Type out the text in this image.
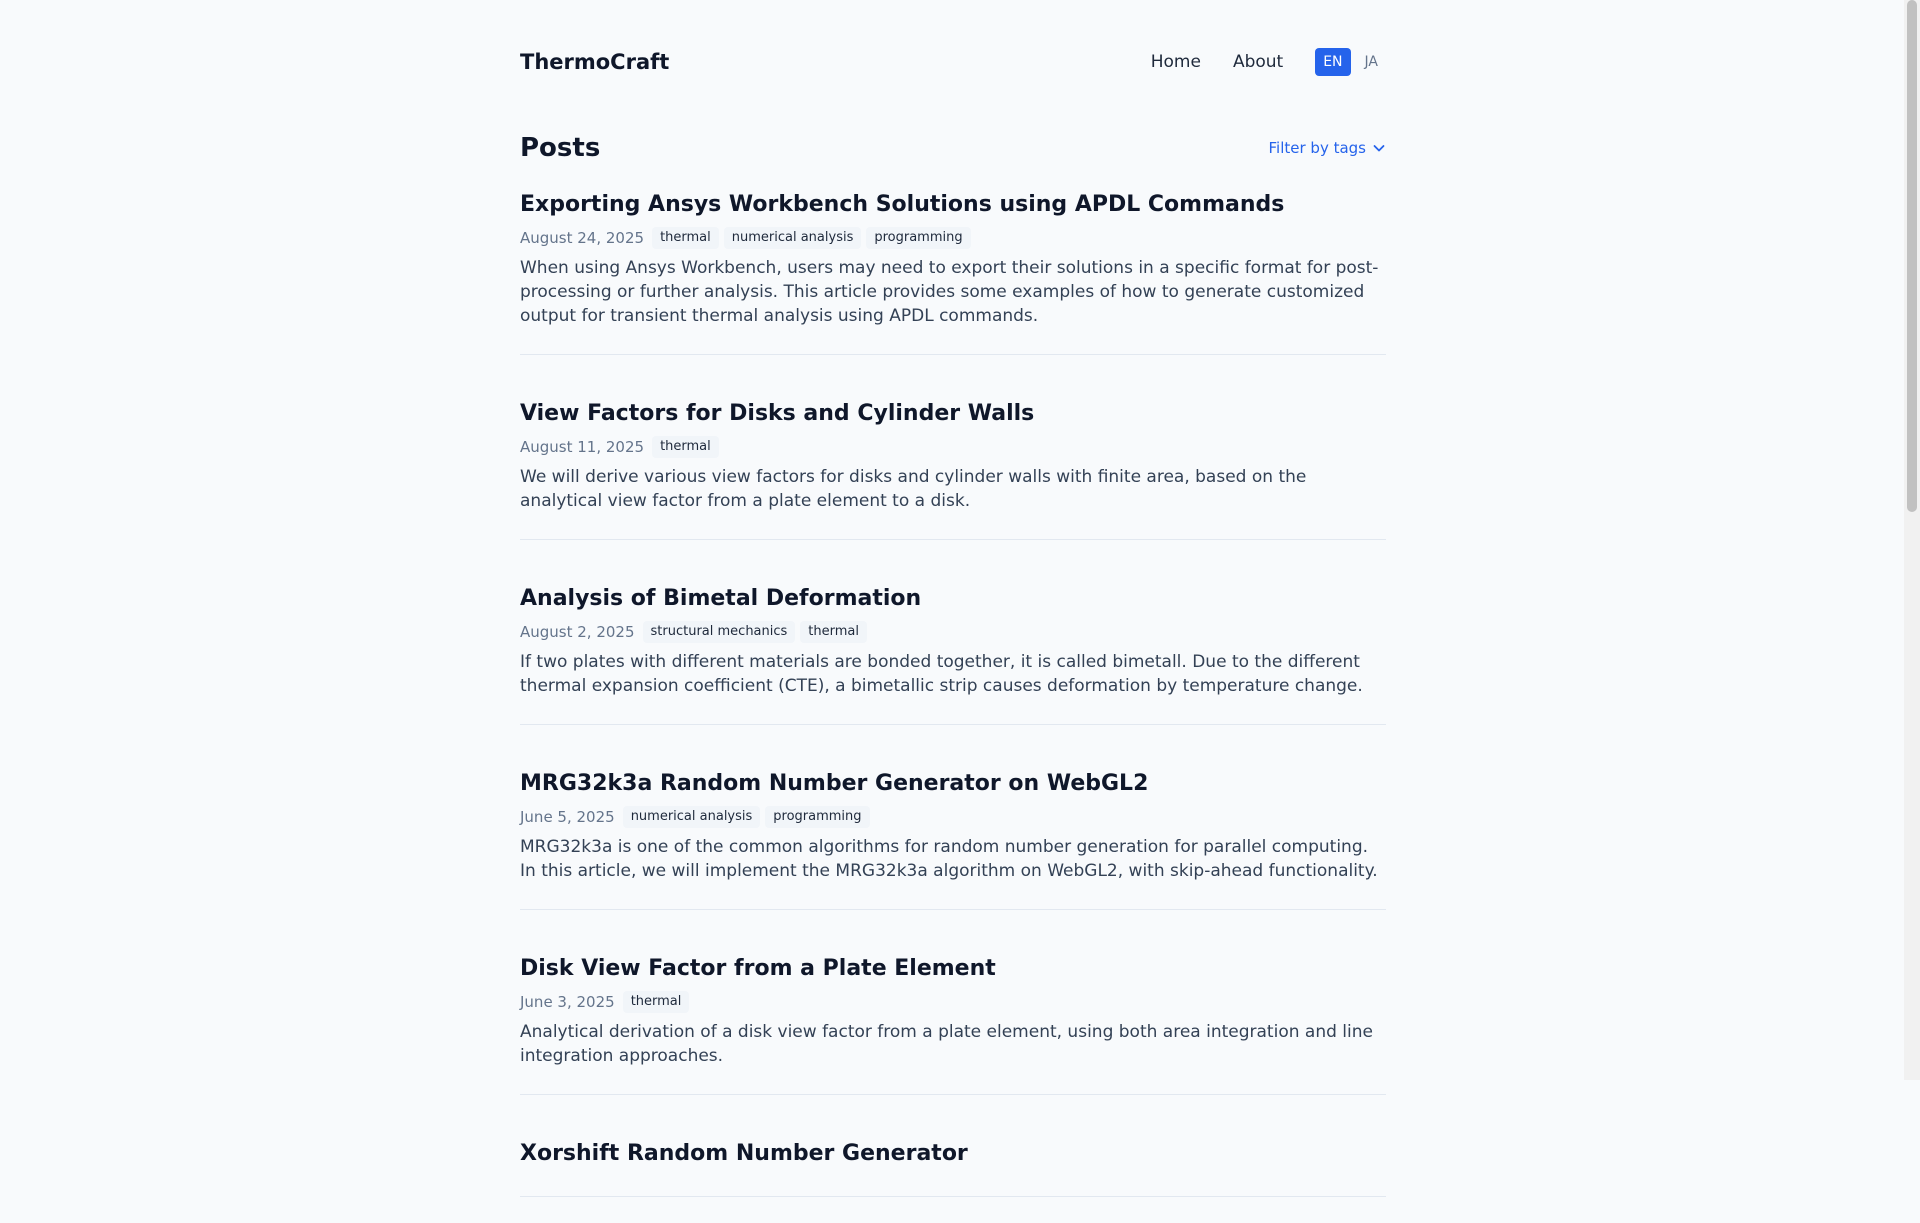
ThermoCraft	Home About	EN	JA
Posts	Filter by tags
Exporting Ansys Workbench Solutions using APDL Commands
August 24, 2025	thermal	numerical analysis	programming

When using Ansys Workbench, users may need to export their solutions in a specific format for post-processing or further analysis. This article provides some examples of how to generate customized output for transient thermal analysis using APDL commands.

View Factors for Disks and Cylinder Walls
August 11, 2025	thermal

We will derive various view factors for disks and cylinder walls with finite area, based on the analytical view factor from a plate element to a disk.

Analysis of Bimetal Deformation
August 2, 2025	structural mechanics	thermal

If two plates with different materials are bonded together, it is called bimetall. Due to the different thermal expansion coefficient (CTE), a bimetallic strip causes deformation by temperature change.

MRG32k3a Random Number Generator on WebGL2
June 5, 2025	numerical analysis	programming

MRG32k3a is one of the common algorithms for random number generation for parallel computing. In this article, we will implement the MRG32k3a algorithm on WebGL2, with skip-ahead functionality.

Disk View Factor from a Plate Element
June 3, 2025	thermal

Analytical derivation of a disk view factor from a plate element, using both area integration and line integration approaches.

Xorshift Random Number Generator
